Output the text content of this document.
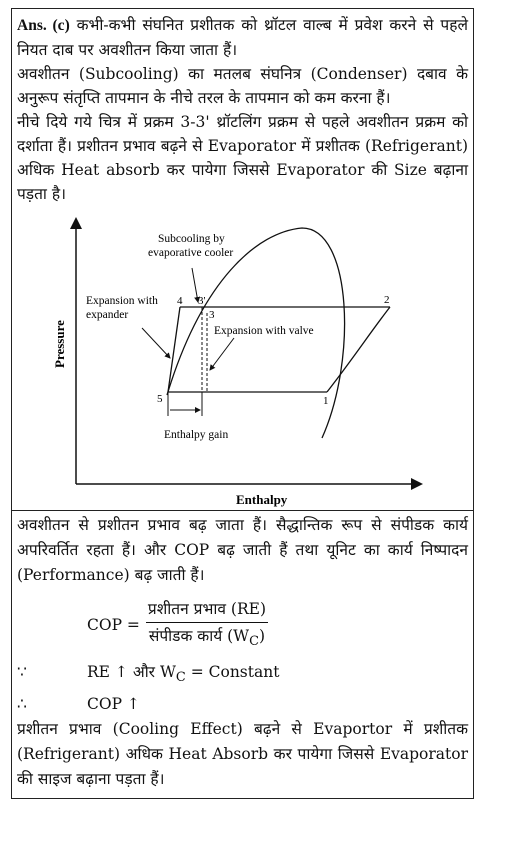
Ans. (c) कभी-कभी संघनित प्रशीतक को थ्रॉटल वाल्ब में प्रवेश करने से पहले नियत दाब पर अवशीतन किया जाता हैं।

अवशीतन (Subcooling) का मतलब संघनित्र (Condenser) दबाव के अनुरूप संतृप्ति तापमान के नीचे तरल के तापमान को कम करना हैं।

नीचे दिये गये चित्र में प्रक्रम 3-3' थ्रॉटलिंग प्रक्रम से पहले अवशीतन प्रक्रम को दर्शाता हैं। प्रशीतन प्रभाव बढ़ने से Evaporator में प्रशीतक (Refrigerant) अधिक Heat absorb कर पायेगा जिससे Evaporator की Size बढ़ाना पड़ता है।

Subcooling by
evaporative cooler
Expansion with
expander
Expansion with valve
Enthalpy gain
Enthalpy
Pressure
4 3'
3
2
1
5

अवशीतन से प्रशीतन प्रभाव बढ़ जाता हैं। सैद्धान्तिक रूप से संपीडक कार्य अपरिवर्तित रहता हैं। और COP बढ़ जाती हैं तथा यूनिट का कार्य निष्पादन (Performance) बढ़ जाती हैं।

COP = $\frac{\text{प्रशीतन प्रभाव (RE)}}{संपीडक कार्य (W_C)}$
∵	RE ↑ और $W_C$ = Constant
∴	COP ↑

प्रशीतन प्रभाव (Cooling Effect) बढ़ने से Evaportor में प्रशीतक (Refrigerant) अधिक Heat Absorb कर पायेगा जिससे Evaporator की साइज बढ़ाना पड़ता हैं।
